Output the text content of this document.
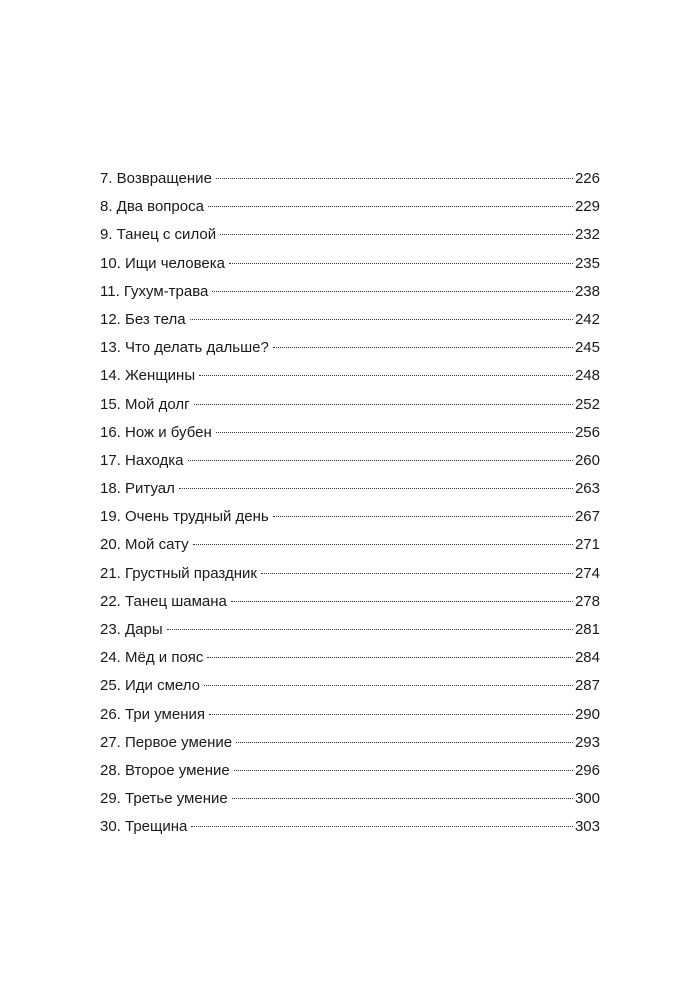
7. Возвращение	226
8. Два вопроса	229
9. Танец с силой	232
10. Ищи человека	235
11. Гухум-трава	238
12. Без тела	242
13. Что делать дальше?	245
14. Женщины	248
15. Мой долг	252
16. Нож и бубен	256
17. Находка	260
18. Ритуал	263
19. Очень трудный день	267
20. Мой сату	271
21. Грустный праздник	274
22. Танец шамана	278
23. Дары	281
24. Мёд и пояс	284
25. Иди смело	287
26. Три умения	290
27. Первое умение	293
28. Второе умение	296
29. Третье умение	300
30. Трещина	303
